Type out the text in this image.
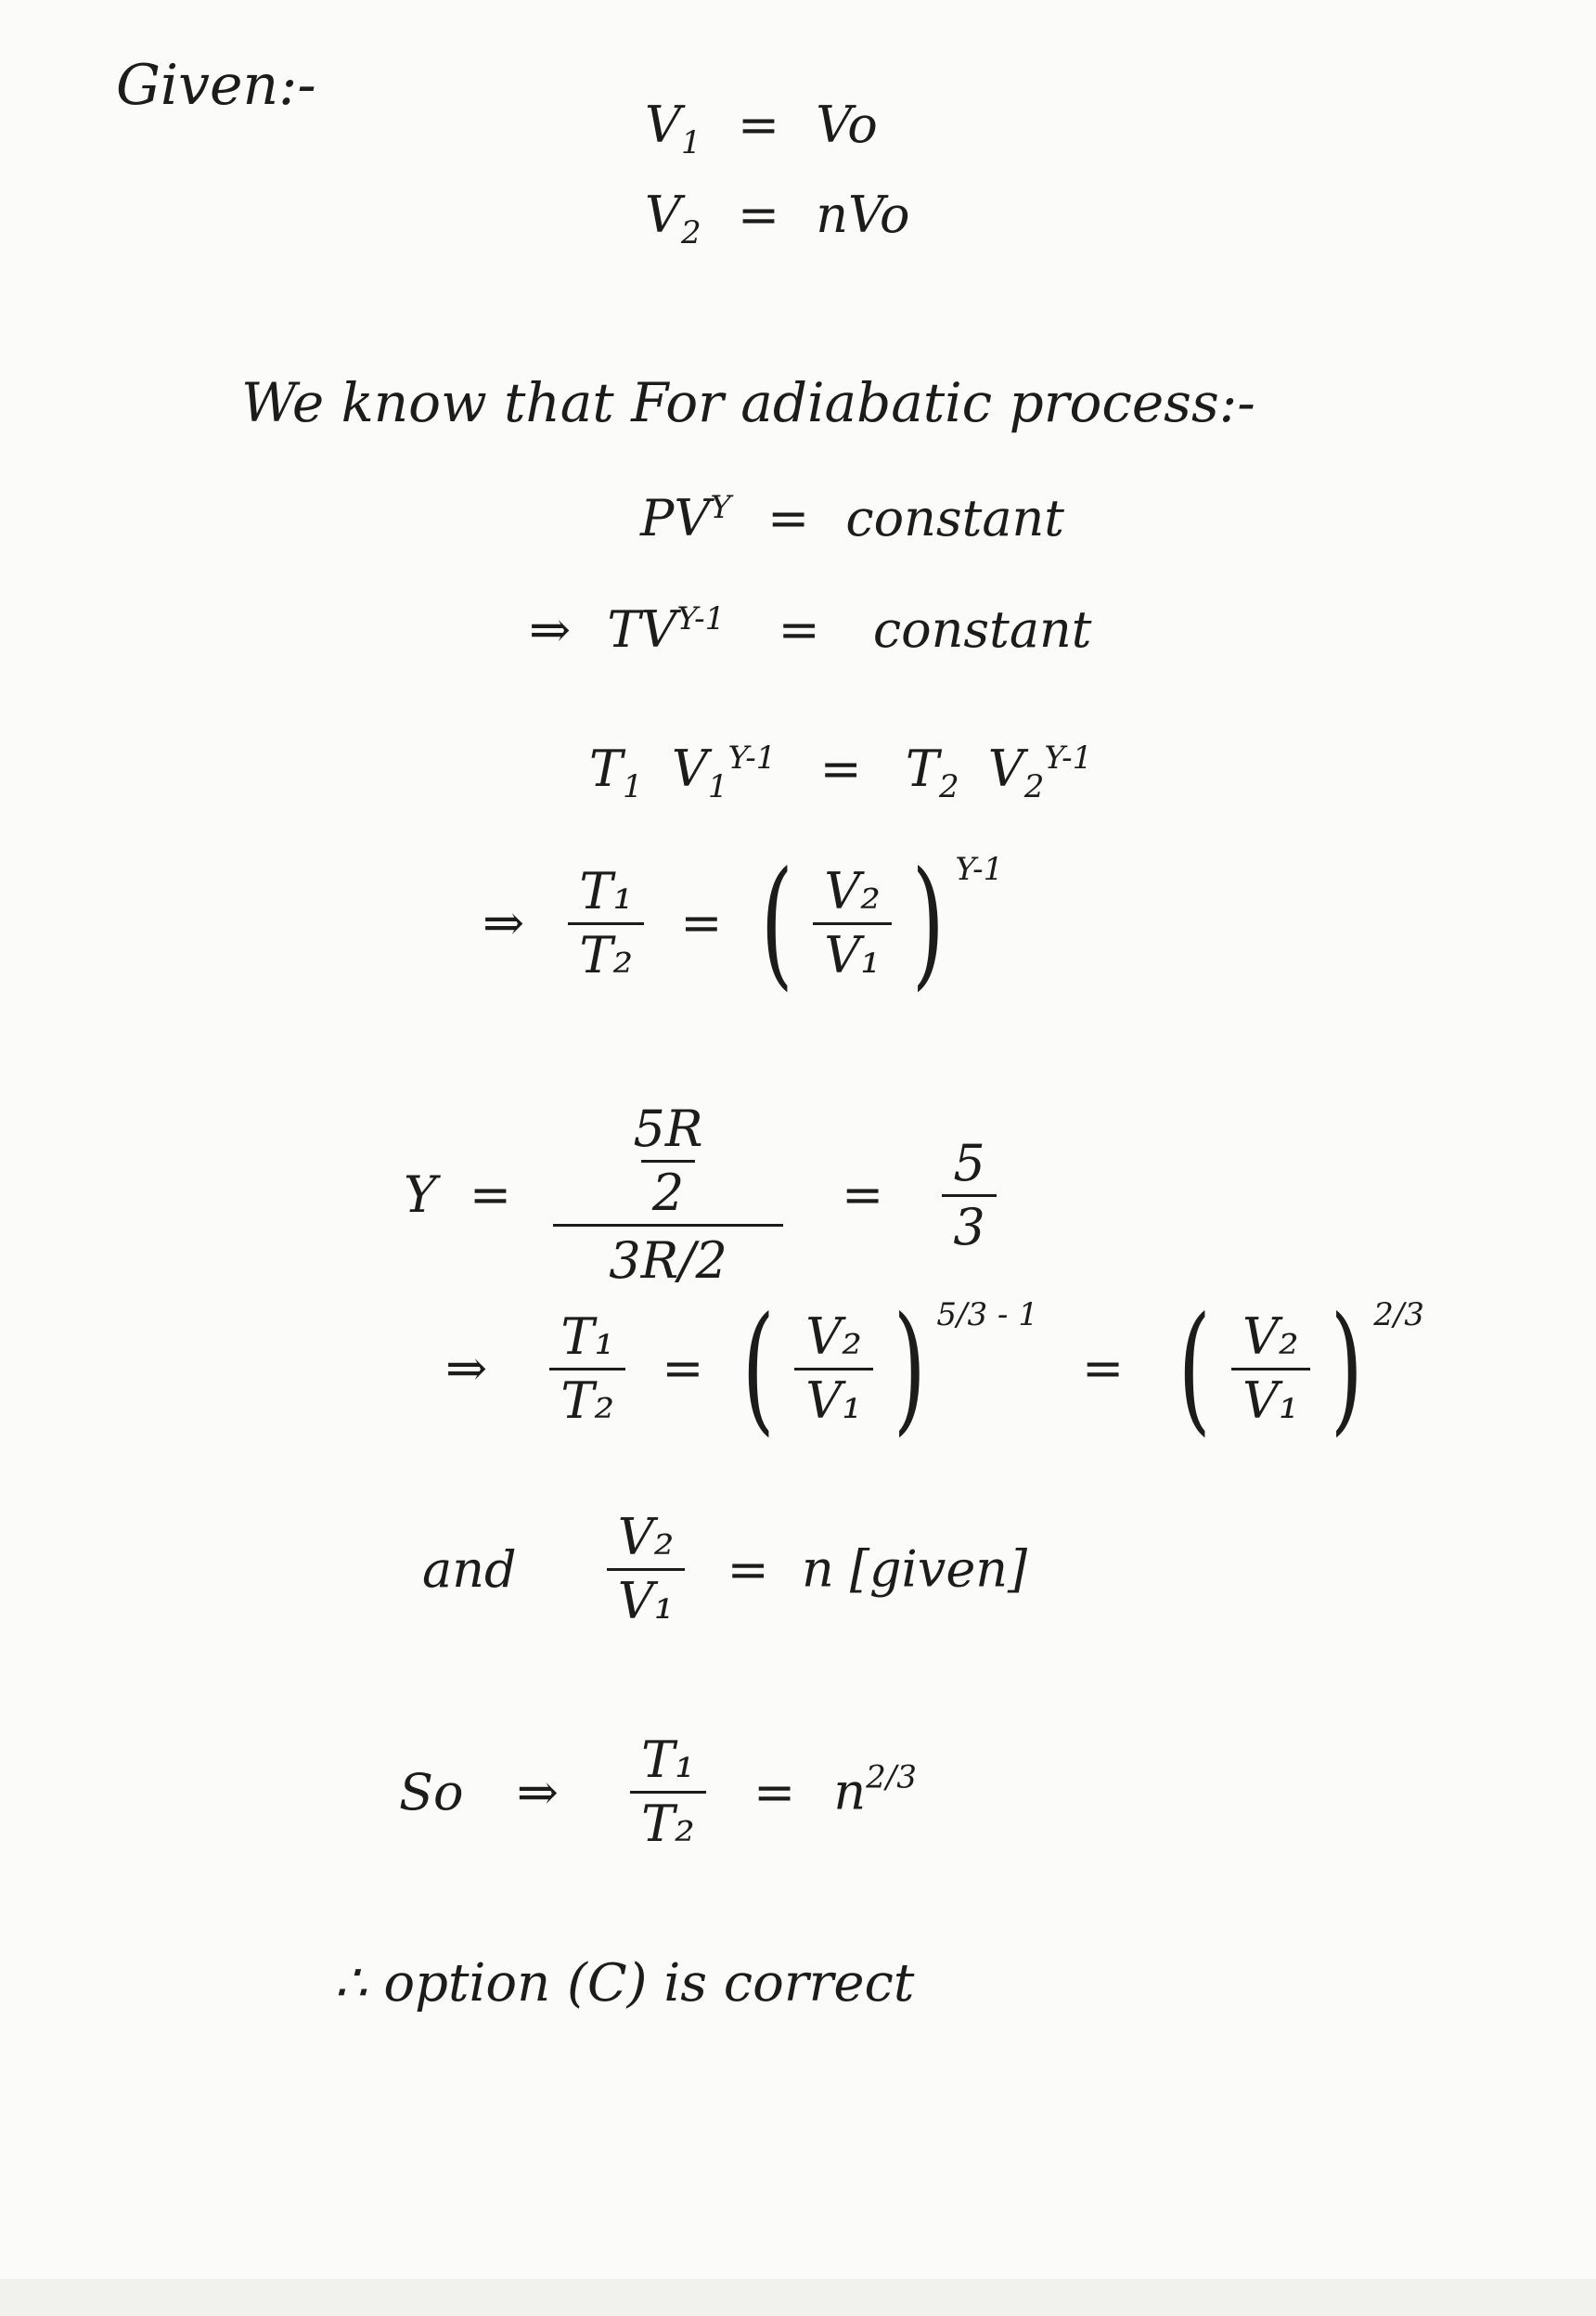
Given:-
$V_1 = Vo$
$V_2$ = nVo
We know that For adiabatic process:-
$PV^Y$ = constant
⇒ $TV^{Y-1}$ = constant
$T_1$ $V_1^{Y-1} = T_2$ $V_2^{Y-1}$
⇒ $\frac{\text{T₁}}{\text{T₂}}$ = ( $\frac{\text{V₂}}{\text{V₁}}$ ) $^{Y-1}$
$Y = \frac{\frac{5R}{2}}{3R/2} = \frac{5}{3}$
⇒ $\frac{\text{T₁}}{\text{T₂}}$ = ( $\frac{\text{V₂}}{\text{V₁}}$ ) $^{5/3 - 1}$ = ( $\frac{\text{V₂}}{\text{V₁}}$ ) $^{2/3}$
and $\frac{\text{V₂}}{\text{V₁}} = n$ [given]
So ⇒ $\frac{\text{T₁}}{\text{T₂}} = n^{2/3}$
∴ option (C) is correct
